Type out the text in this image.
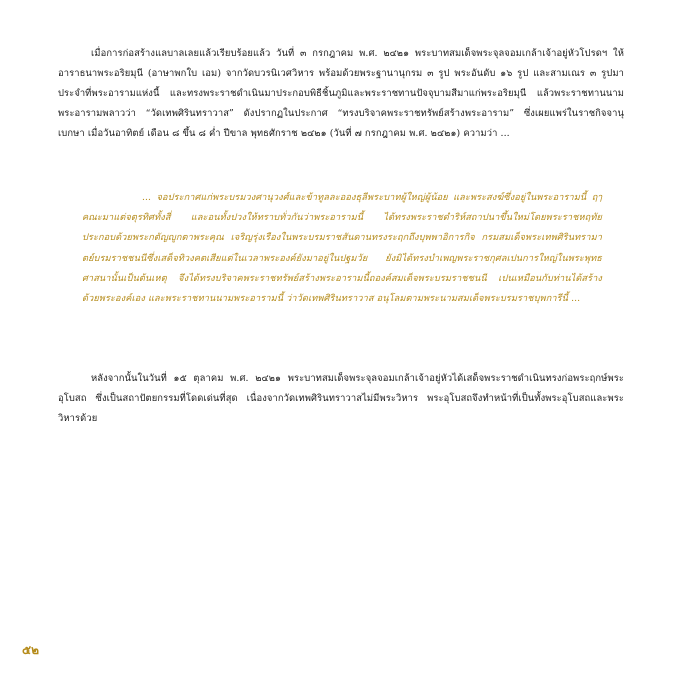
เมื่อการก่อสร้างแลบาลเลยแล้วเรียบร้อยแล้ว วันที่ ๓ กรกฎาคม พ.ศ. ๒๔๒๑ พระบาทสมเด็จพระจุลจอมเกล้าเจ้าอยู่หัวโปรดฯ ให้อาราธนาพระอริยมุนี (อาษาพกใบ เอม) จากวัดบวรนิเวศวิหาร พร้อมด้วยพระฐานานุกรม ๓ รูป พระอันดับ ๑๖ รูป และสามเณร ๓ รูปมาประจำที่พระอารามแห่งนี้ และทรงพระราชดำเนินมาประกอบพิธีชิ้นภูมิและพระราชทานปัจจุบามสีมาแก่พระอริยมุนี แล้วพระราชทานนามพระอารามพลาวว่า “วัดเทพศิรินทราวาส” ดังปรากฏในประกาศ “ทรงบริจาคพระราชทรัพย์สร้างพระอาราม” ซึ่งเผยแพร่ในราชกิจจานุเบกษา เมื่อวันอาทิตย์ เดือน ๘ ขึ้น ๘ ค่ำ ปีขาล พุทธศักราช ๒๔๒๑ (วันที่ ๗ กรกฎาคม พ.ศ. ๒๔๒๑) ความว่า ...

... จอประกาศแก่พระบรมวงศานุวงศ์และข้าทูลละอองธุลีพระบาทผู้ใหญ่ผู้น้อย และพระสงฆ์ซึ่งอยู่ในพระอารามนี้ ฤๅคณะมาแต่จตุรทิศทั้งสี่ และอนทั้งปวงให้ทราบทั่วกันว่าพระอารามนี้ ได้ทรงพระราชดำริห์สถาปนาขึ้นใหม่โดยพระราชหฤทัย ประกอบด้วยพระกตัญญูกตาพระคุณ เจริญรุ่งเรืองในพระบรมราชสันดานทรงระฤกถึงบุพพาอิการกิจ กรมสมเด็จพระเทพศิรินทรามาตย์บรมราชชนนีซึ่งเสด็จทิวงคตเสียแต่ในเวลาพระองค์ยังมาอยู่ในปฐมวัย ยังมิได้ทรงบำเพญพระราชกุศลเปนการใหญ่ในพระพุทธศาสนานั้นเป็นต้นเหตุ จึงได้ทรงบริจาคพระราชทรัพย์สร้างพระอารามนี้ถองค์สมเด็จพระบรมราชชนนี เปนเหมือนกับท่านได้สร้างด้วยพระองค์เอง และพระราชทานนามพระอารามนี้ ว่าวัดเทพศิรินทราวาส อนุโลมตามพระนามสมเด็จพระบรมราชบุพการีนี้ ...

หลังจากนั้นในวันที่ ๑๕ ตุลาคม พ.ศ. ๒๔๒๑ พระบาทสมเด็จพระจุลจอมเกล้าเจ้าอยู่หัวได้เสด็จพระราชดำเนินทรงก่อพระฤกษ์พระอุโบสถ ซึ่งเป็นสถาปัตยกรรมที่โดดเด่นที่สุด เนื่องจากวัดเทพศิรินทราวาสไม่มีพระวิหาร พระอุโบสถจึงทำหน้าที่เป็นทั้งพระอุโบสถและพระวิหารด้วย

๕๒
